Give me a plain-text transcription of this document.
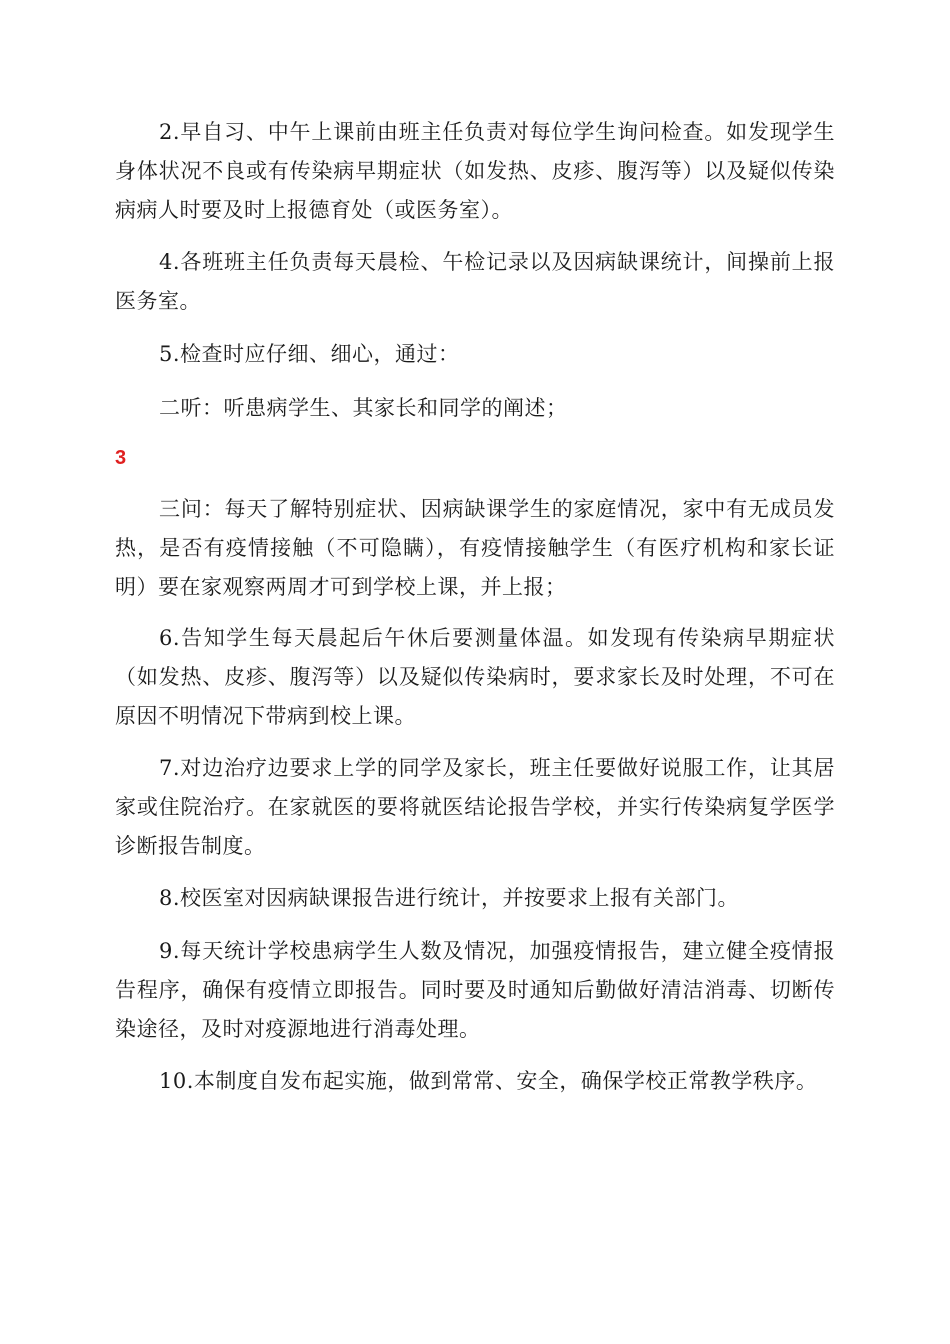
2.早自习、中午上课前由班主任负责对每位学生询问检查。如发现学生身体状况不良或有传染病早期症状（如发热、皮疹、腹泻等）以及疑似传染病病人时要及时上报德育处（或医务室）。

4.各班班主任负责每天晨检、午检记录以及因病缺课统计，间操前上报医务室。

5.检查时应仔细、细心，通过：

二听：听患病学生、其家长和同学的阐述；

3

三问：每天了解特别症状、因病缺课学生的家庭情况，家中有无成员发热，是否有疫情接触（不可隐瞒），有疫情接触学生（有医疗机构和家长证明）要在家观察两周才可到学校上课，并上报；

6.告知学生每天晨起后午休后要测量体温。如发现有传染病早期症状（如发热、皮疹、腹泻等）以及疑似传染病时，要求家长及时处理，不可在原因不明情况下带病到校上课。

7.对边治疗边要求上学的同学及家长，班主任要做好说服工作，让其居家或住院治疗。在家就医的要将就医结论报告学校，并实行传染病复学医学诊断报告制度。

8.校医室对因病缺课报告进行统计，并按要求上报有关部门。

9.每天统计学校患病学生人数及情况，加强疫情报告，建立健全疫情报告程序，确保有疫情立即报告。同时要及时通知后勤做好清洁消毒、切断传染途径，及时对疫源地进行消毒处理。

10.本制度自发布起实施，做到常常、安全，确保学校正常教学秩序。
